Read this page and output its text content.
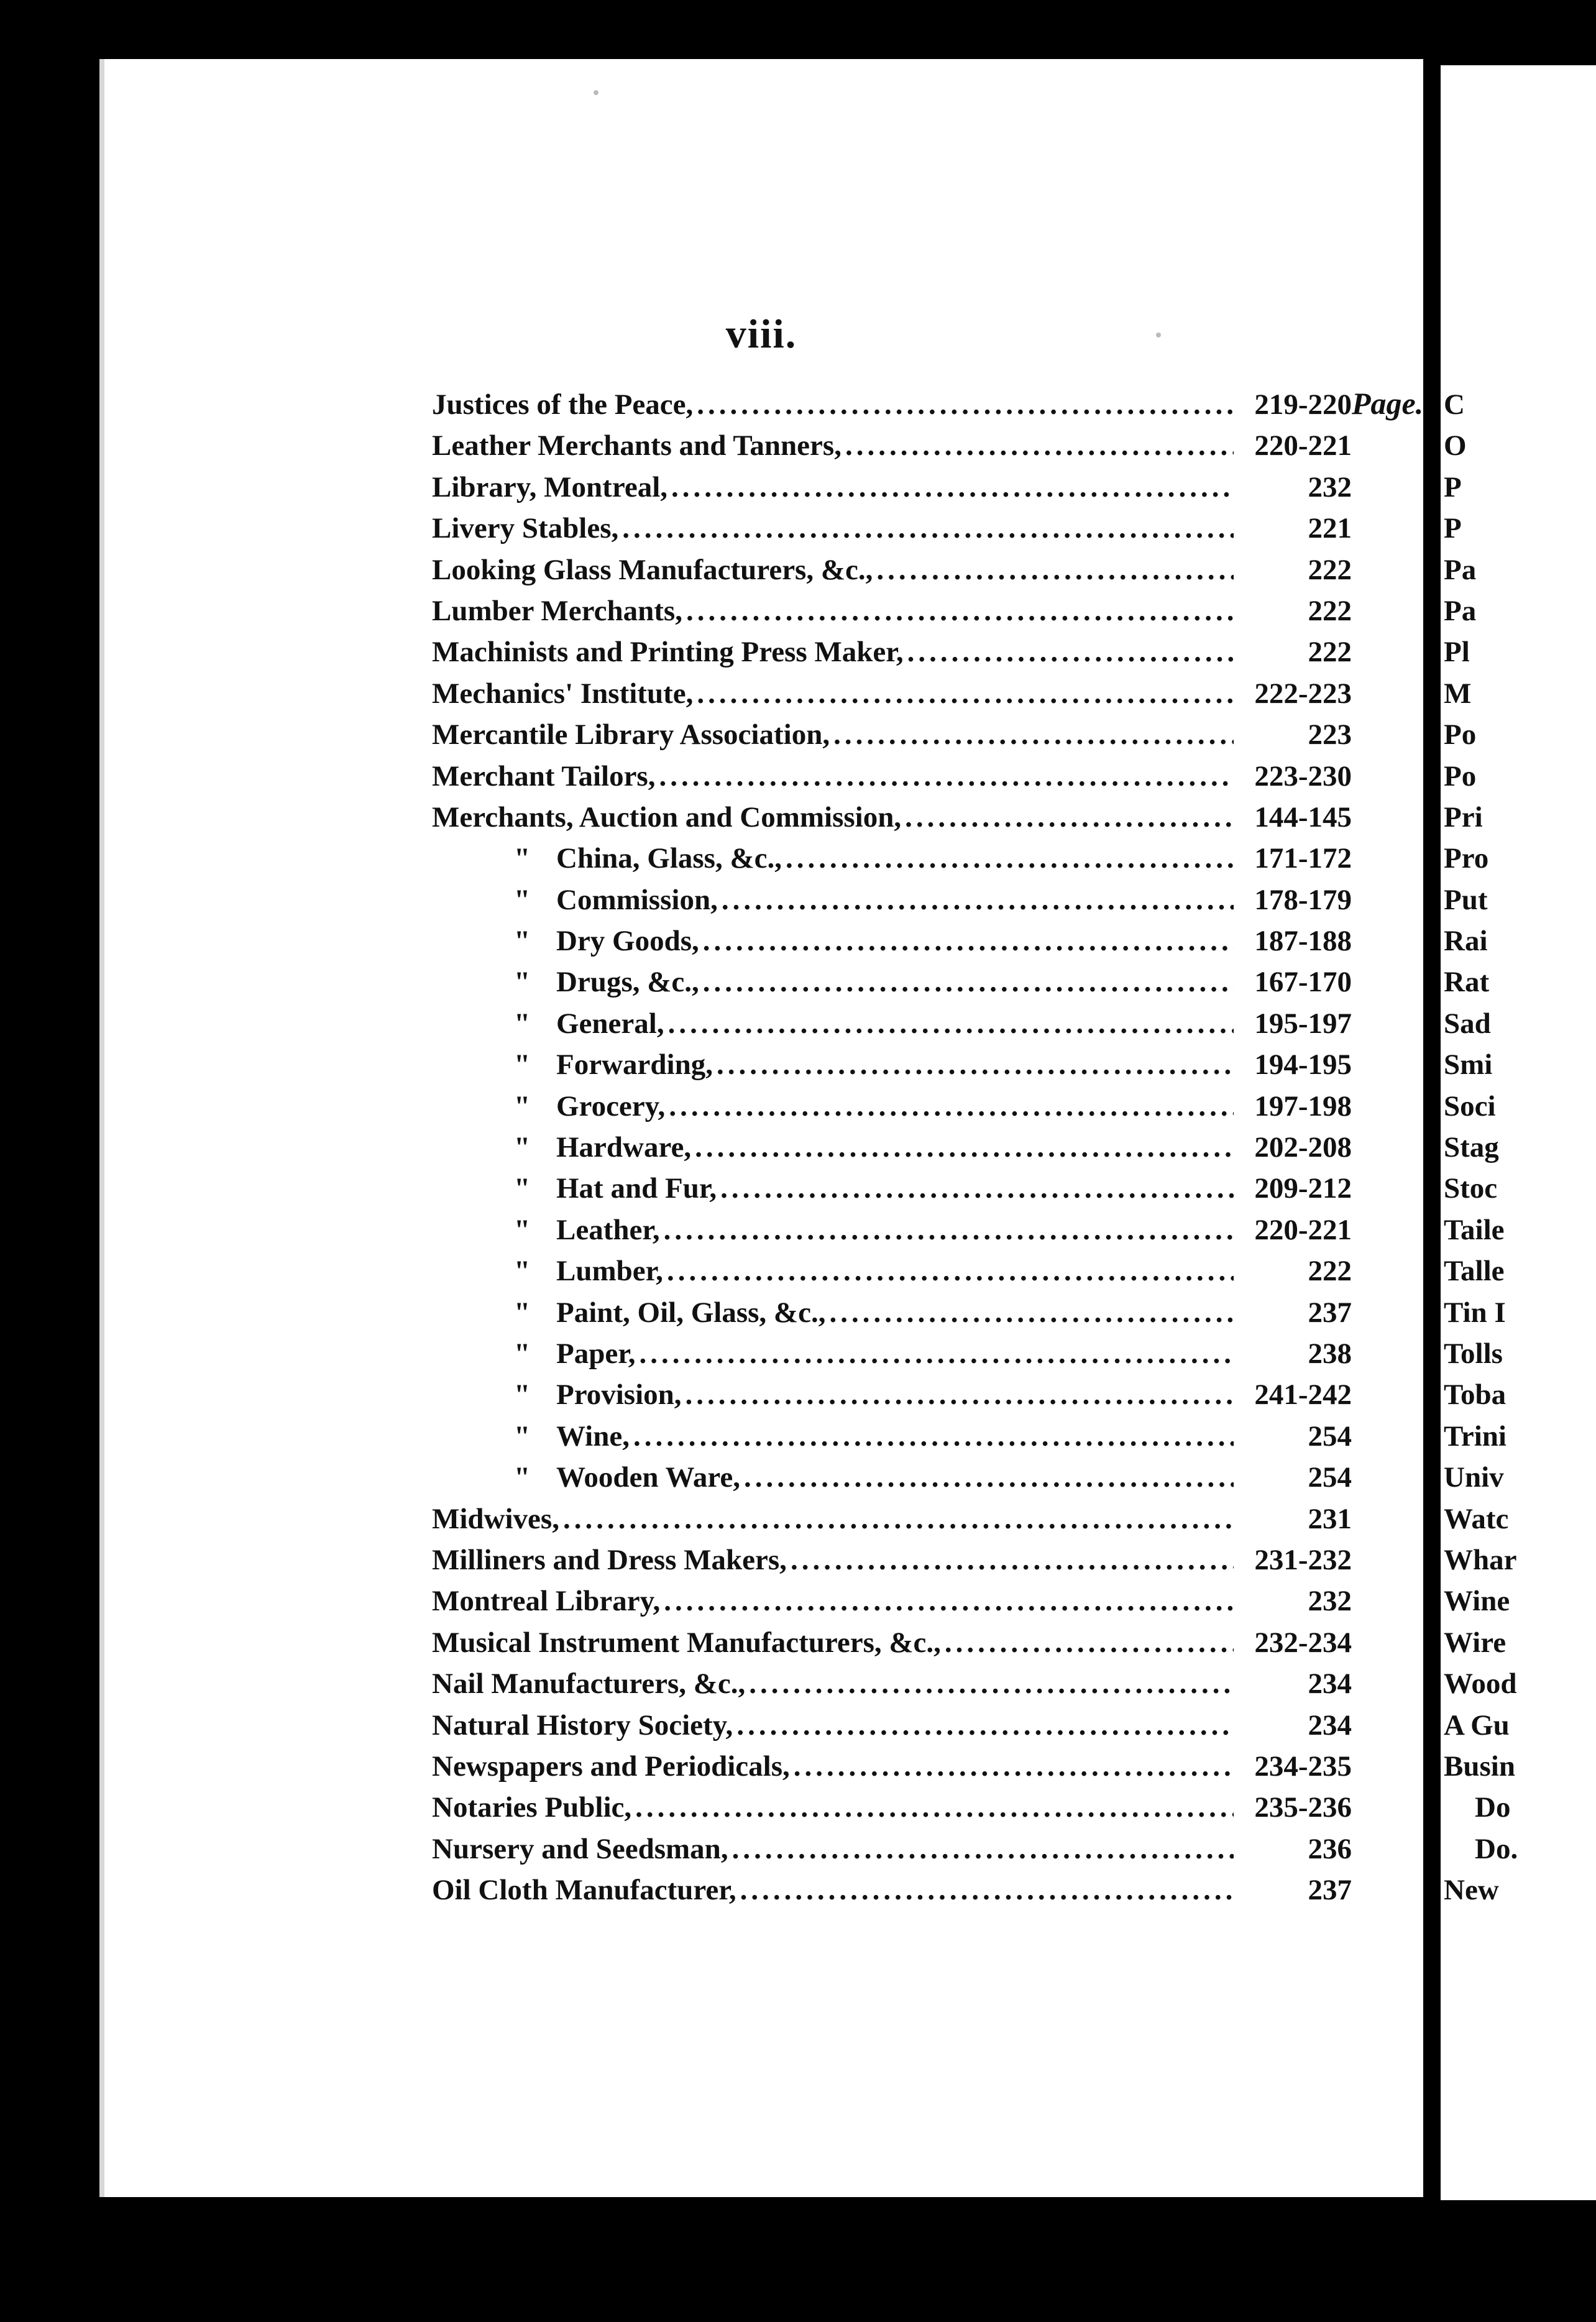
viii.
Page.
Justices of the Peace, .....	219-220
Leather Merchants and Tanners, .....	220-221
Library, Montreal, .....	232
Livery Stables, .....	221
Looking Glass Manufacturers, &c., .....	222
Lumber Merchants, .....	222
Machinists and Printing Press Maker, .....	222
Mechanics' Institute, .....	222-223
Mercantile Library Association, .....	223
Merchant Tailors, .....	223-230
Merchants, Auction and Commission, .....	144-145
" China, Glass, &c., .....	171-172
" Commission, .....	178-179
" Dry Goods, .....	187-188
" Drugs, &c., .....	167-170
" General, .....	195-197
" Forwarding, .....	194-195
" Grocery, .....	197-198
" Hardware, .....	202-208
" Hat and Fur, .....	209-212
" Leather, .....	220-221
" Lumber, .....	222
" Paint, Oil, Glass, &c., .....	237
" Paper, .....	238
" Provision, .....	241-242
" Wine, .....	254
" Wooden Ware, .....	254
Midwives, .....	231
Milliners and Dress Makers, .....	231-232
Montreal Library, .....	232
Musical Instrument Manufacturers, &c., .....	232-234
Nail Manufacturers, &c., .....	234
Natural History Society, .....	234
Newspapers and Periodicals, .....	234-235
Notaries Public, .....	235-236
Nursery and Seedsman, .....	236
Oil Cloth Manufacturer, .....	237
C
O
P
P
Pa
Pa
Pl
M
Po
Po
Pri
Pro
Put
Rai
Rat
Sad
Smi
Soci
Stag
Stoc
Taile
Talle
Tin I
Tolls
Toba
Trini
Univ
Watc
Whar
Wine
Wire
Wood
A Gu
Busin
Do
Do.
New
